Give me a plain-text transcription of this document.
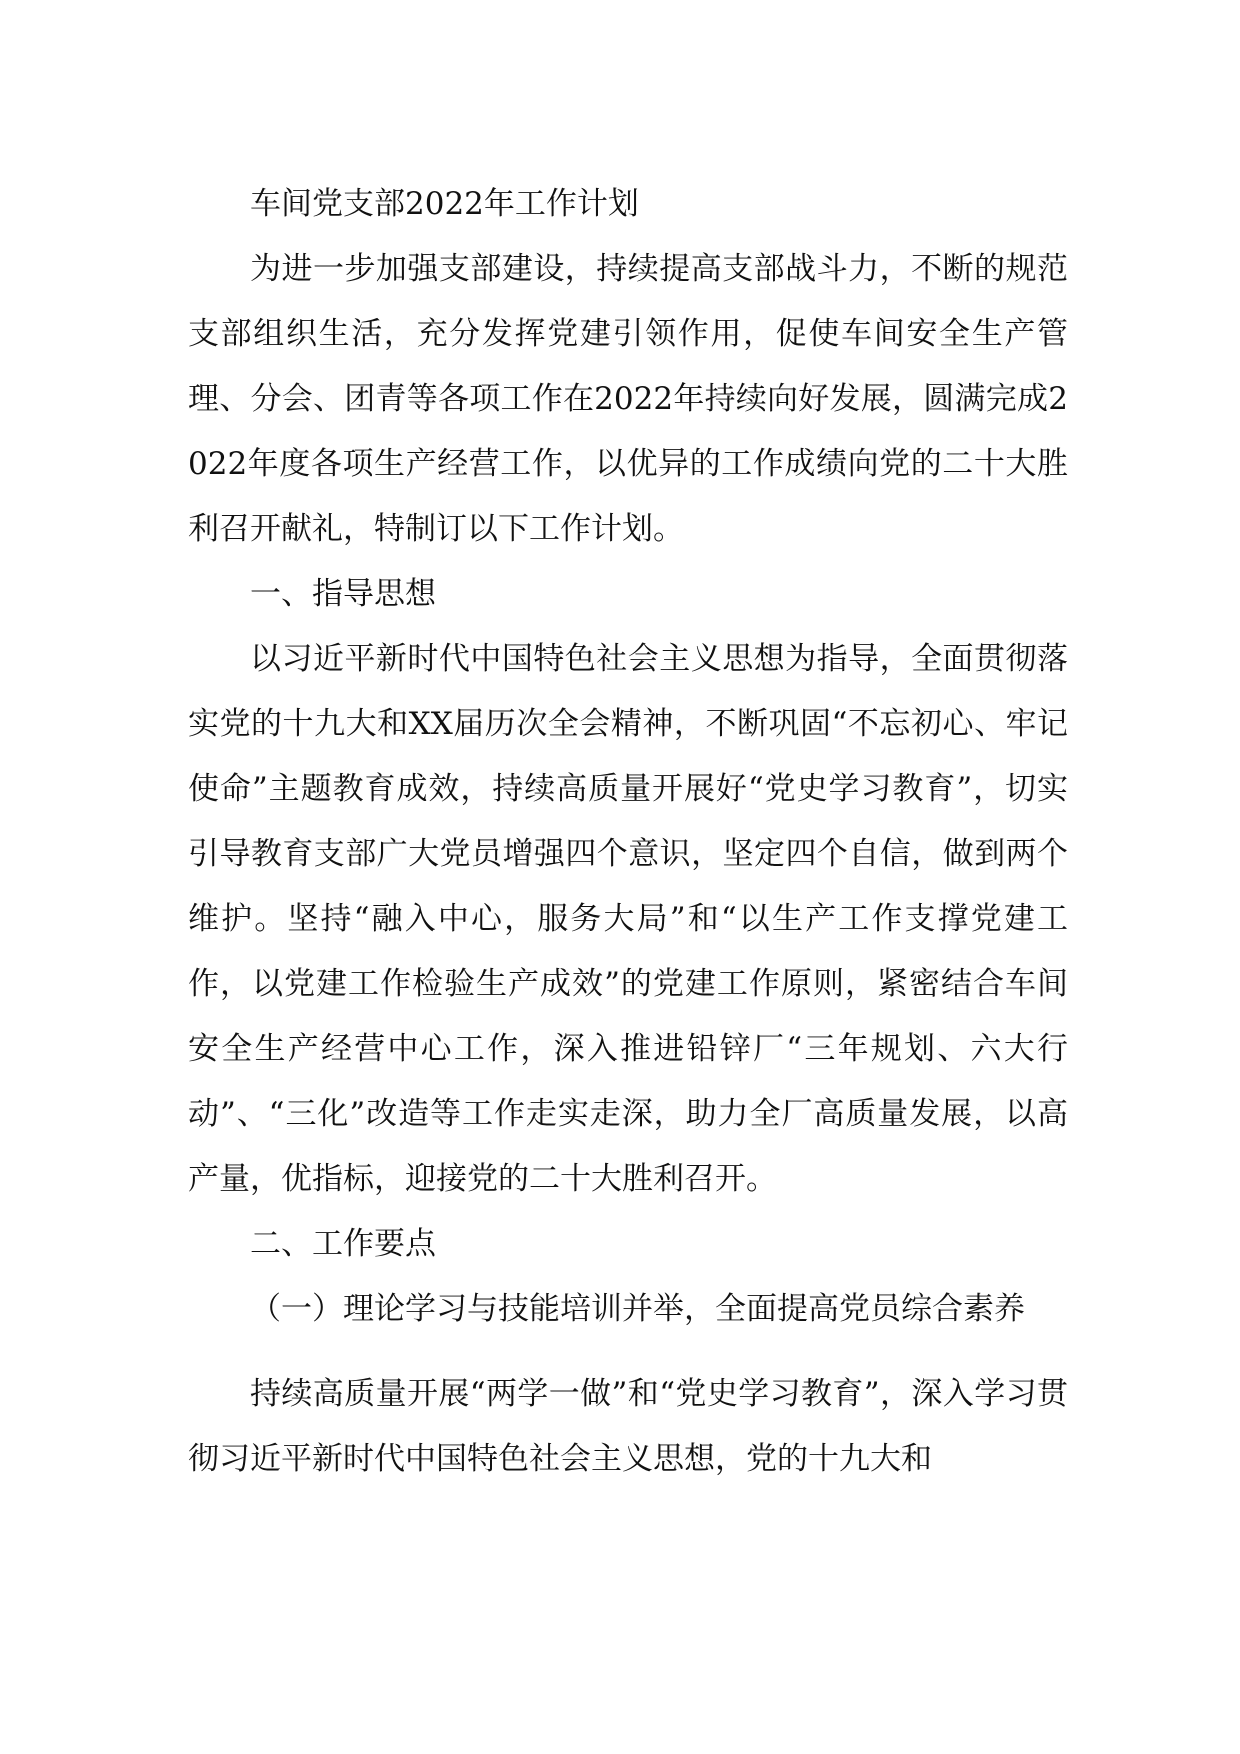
车间党支部2022年工作计划

为进一步加强支部建设，持续提高支部战斗力，不断的规范支部组织生活，充分发挥党建引领作用，促使车间安全生产管理、分会、团青等各项工作在2022年持续向好发展，圆满完成2022年度各项生产经营工作，以优异的工作成绩向党的二十大胜利召开献礼，特制订以下工作计划。

一、指导思想

以习近平新时代中国特色社会主义思想为指导，全面贯彻落实党的十九大和XX届历次全会精神，不断巩固“不忘初心、牢记使命”主题教育成效，持续高质量开展好“党史学习教育”，切实引导教育支部广大党员增强四个意识，坚定四个自信，做到两个维护。坚持“融入中心，服务大局”和“以生产工作支撑党建工作，以党建工作检验生产成效”的党建工作原则，紧密结合车间安全生产经营中心工作，深入推进铅锌厂“三年规划、六大行动”、“三化”改造等工作走实走深，助力全厂高质量发展，以高产量，优指标，迎接党的二十大胜利召开。

二、工作要点

（一）理论学习与技能培训并举，全面提高党员综合素养

持续高质量开展“两学一做”和“党史学习教育”，深入学习贯彻习近平新时代中国特色社会主义思想，党的十九大和
